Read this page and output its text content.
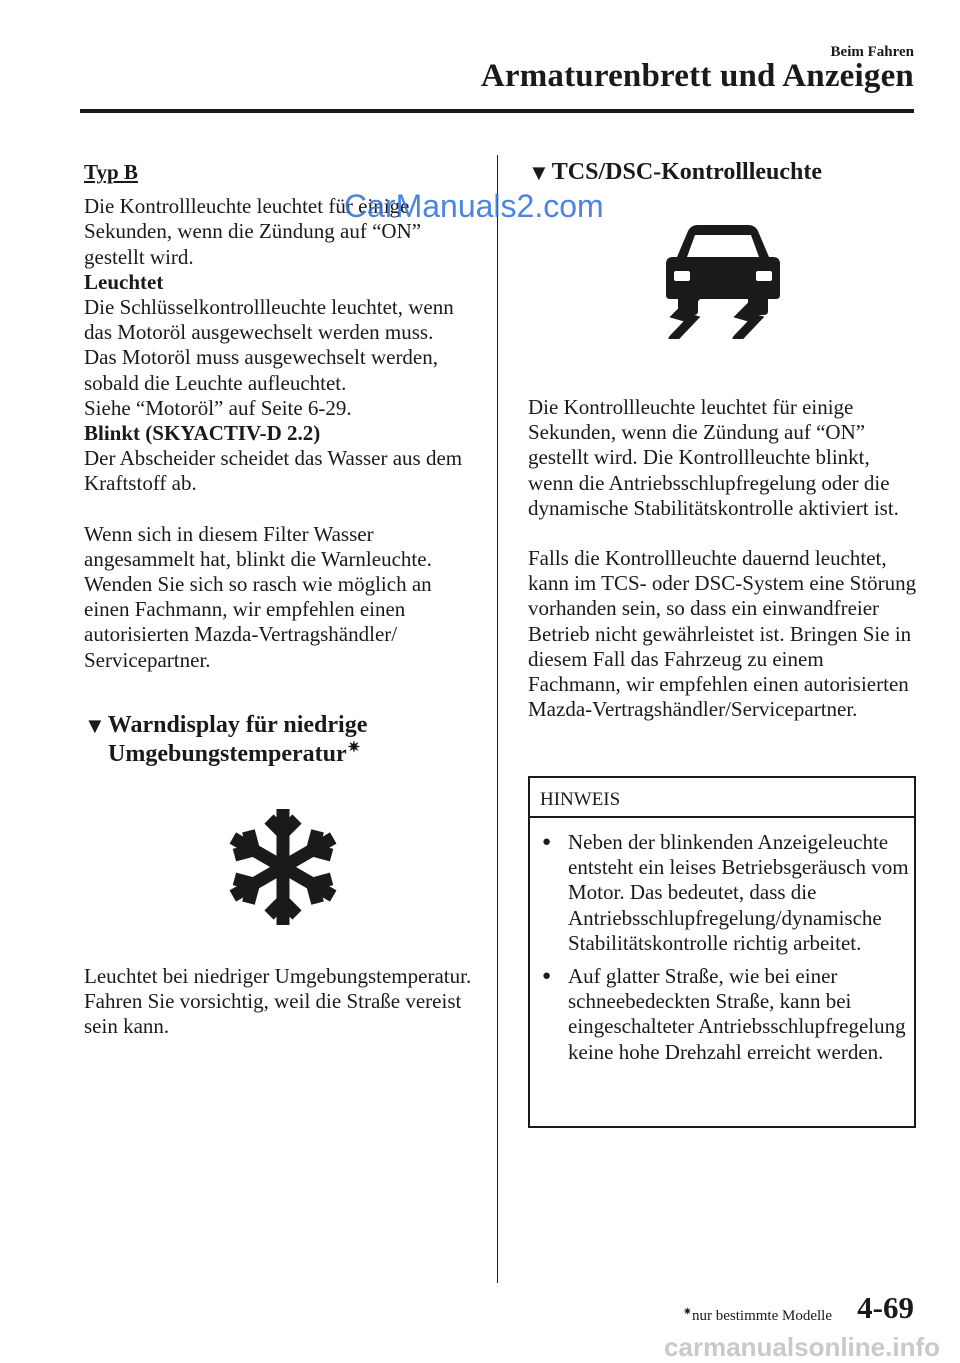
Beim Fahren
Armaturenbrett und Anzeigen

Typ B

Die Kontrollleuchte leuchtet für einige Sekunden, wenn die Zündung auf “ON” gestellt wird.

Leuchtet

Die Schlüsselkontrollleuchte leuchtet, wenn das Motoröl ausgewechselt werden muss.

Das Motoröl muss ausgewechselt werden, sobald die Leuchte aufleuchtet.

Siehe “Motoröl” auf Seite 6-29.

Blinkt (SKYACTIV-D 2.2)

Der Abscheider scheidet das Wasser aus dem Kraftstoff ab.

Wenn sich in diesem Filter Wasser angesammelt hat, blinkt die Warnleuchte. Wenden Sie sich so rasch wie möglich an einen Fachmann, wir empfehlen einen autorisierten Mazda-Vertragshändler/ Servicepartner.

▼ Warndisplay für niedrige
Umgebungstemperatur ✷

Leuchtet bei niedriger Umgebungstemperatur.

Fahren Sie vorsichtig, weil die Straße vereist sein kann.

▼ TCS/DSC-Kontrollleuchte

Die Kontrollleuchte leuchtet für einige Sekunden, wenn die Zündung auf “ON” gestellt wird. Die Kontrollleuchte blinkt, wenn die Antriebsschlupfregelung oder die dynamische Stabilitätskontrolle aktiviert ist.

Falls die Kontrollleuchte dauernd leuchtet, kann im TCS- oder DSC-System eine Störung vorhanden sein, so dass ein einwandfreier Betrieb nicht gewährleistet ist. Bringen Sie in diesem Fall das Fahrzeug zu einem Fachmann, wir empfehlen einen autorisierten Mazda-Vertragshändler/Servicepartner.

HINWEIS
● Neben der blinkenden Anzeigeleuchte entsteht ein leises Betriebsgeräusch vom Motor. Das bedeutet, dass die Antriebsschlupfregelung/dynamische Stabilitätskontrolle richtig arbeitet.
● Auf glatter Straße, wie bei einer schneebedeckten Straße, kann bei eingeschalteter Antriebsschlupfregelung keine hohe Drehzahl erreicht werden.
✷nur bestimmte Modelle 4-69
CarManuals2.com
carmanualsonline.info
